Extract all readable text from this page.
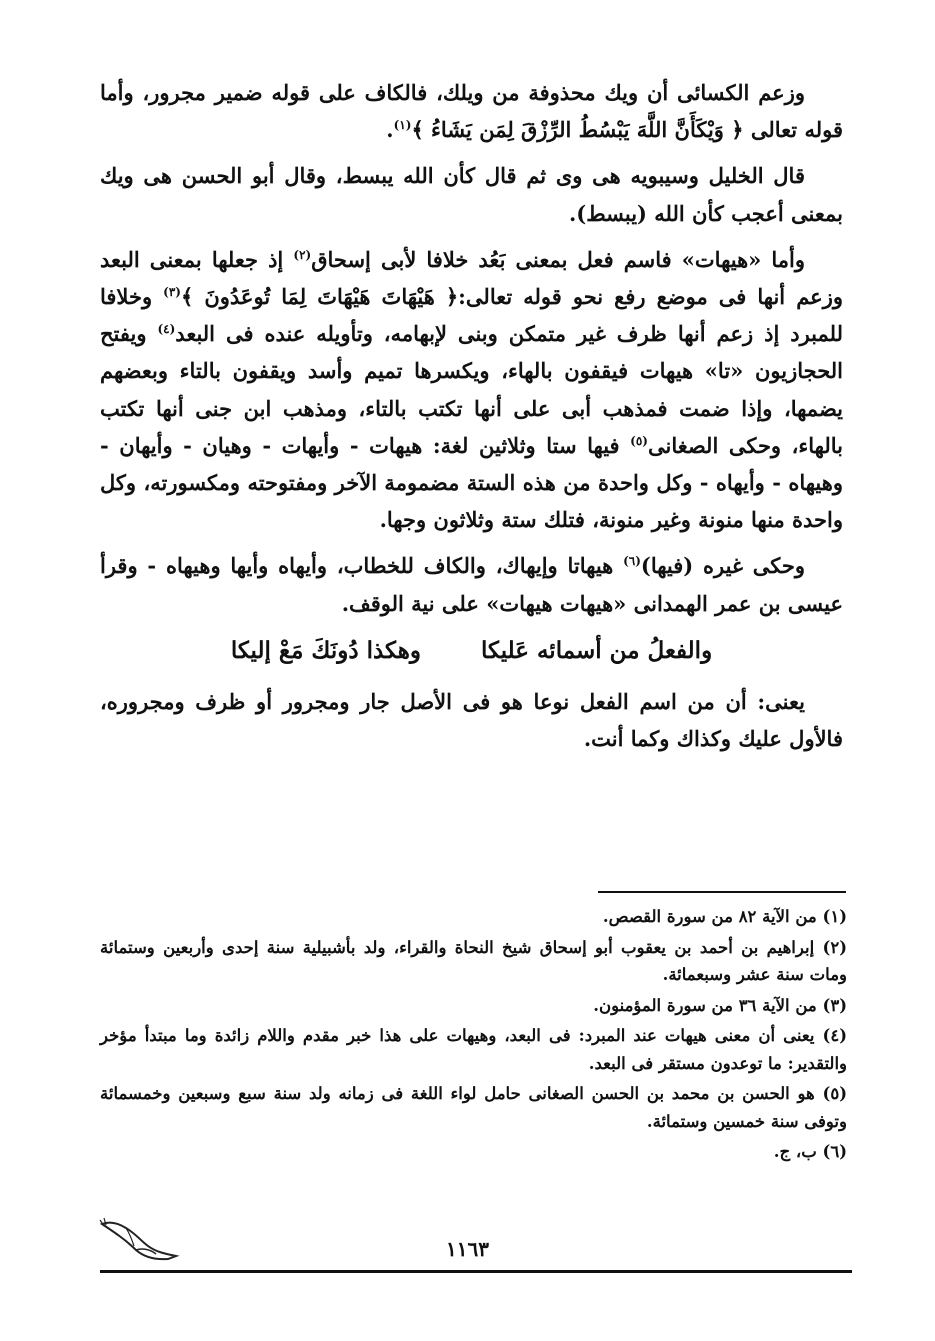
وزعم الكسائى أن ويك محذوفة من ويلك، فالكاف على قوله ضمير مجرور، وأما قوله تعالى ﴿ وَيْكَأَنَّ اللَّهَ يَبْسُطُ الرِّزْقَ لِمَن يَشَاءُ ﴾$^{(١)}$.

قال الخليل وسيبويه هى وى ثم قال كأن الله يبسط، وقال أبو الحسن هى ويك بمعنى أعجب كأن الله (يبسط).

وأما «هيهات» فاسم فعل بمعنى بَعُد خلافا لأبى إسحاق$^{(٢)}$ إذ جعلها بمعنى البعد وزعم أنها فى موضع رفع نحو قوله تعالى:﴿ هَيْهَاتَ هَيْهَاتَ لِمَا تُوعَدُونَ ﴾$^{(٣)}$ وخلافا للمبرد إذ زعم أنها ظرف غير متمكن وبنى لإبهامه، وتأويله عنده فى البعد$^{(٤)}$ ويفتح الحجازيون «تا» هيهات فيقفون بالهاء، ويكسرها تميم وأسد ويقفون بالتاء وبعضهم يضمها، وإذا ضمت فمذهب أبى على أنها تكتب بالتاء، ومذهب ابن جنى أنها تكتب بالهاء، وحكى الصغانى$^{(٥)}$ فيها ستا وثلاثين لغة: هيهات - وأيهات - وهيان - وأيهان - وهيهاه - وأيهاه - وكل واحدة من هذه الستة مضمومة الآخر ومفتوحته ومكسورته، وكل واحدة منها منونة وغير منونة، فتلك ستة وثلاثون وجها.

وحكى غيره (فيها)$^{(٦)}$ هيهاتا وإيهاك، والكاف للخطاب، وأيهاه وأيها وهيهاه - وقرأ عيسى بن عمر الهمدانى «هيهات هيهات» على نية الوقف.

والفعلُ من أسمائه عَليكا
وهكذا دُونَكَ مَعْ إليكا

يعنى: أن من اسم الفعل نوعا هو فى الأصل جار ومجرور أو ظرف ومجروره، فالأول عليك وكذاك وكما أنت.

(١) من الآية ٨٢ من سورة القصص.

(٢) إبراهيم بن أحمد بن يعقوب أبو إسحاق شيخ النحاة والقراء، ولد بأشبيلية سنة إحدى وأربعين وستمائة ومات سنة عشر وسبعمائة.

(٣) من الآية ٣٦ من سورة المؤمنون.

(٤) يعنى أن معنى هيهات عند المبرد: فى البعد، وهيهات على هذا خبر مقدم واللام زائدة وما مبتدأ مؤخر والتقدير: ما توعدون مستقر فى البعد.

(٥) هو الحسن بن محمد بن الحسن الصغانى حامل لواء اللغة فى زمانه ولد سنة سبع وسبعين وخمسمائة وتوفى سنة خمسين وستمائة.

(٦) ب، ج.

١١٦٣
